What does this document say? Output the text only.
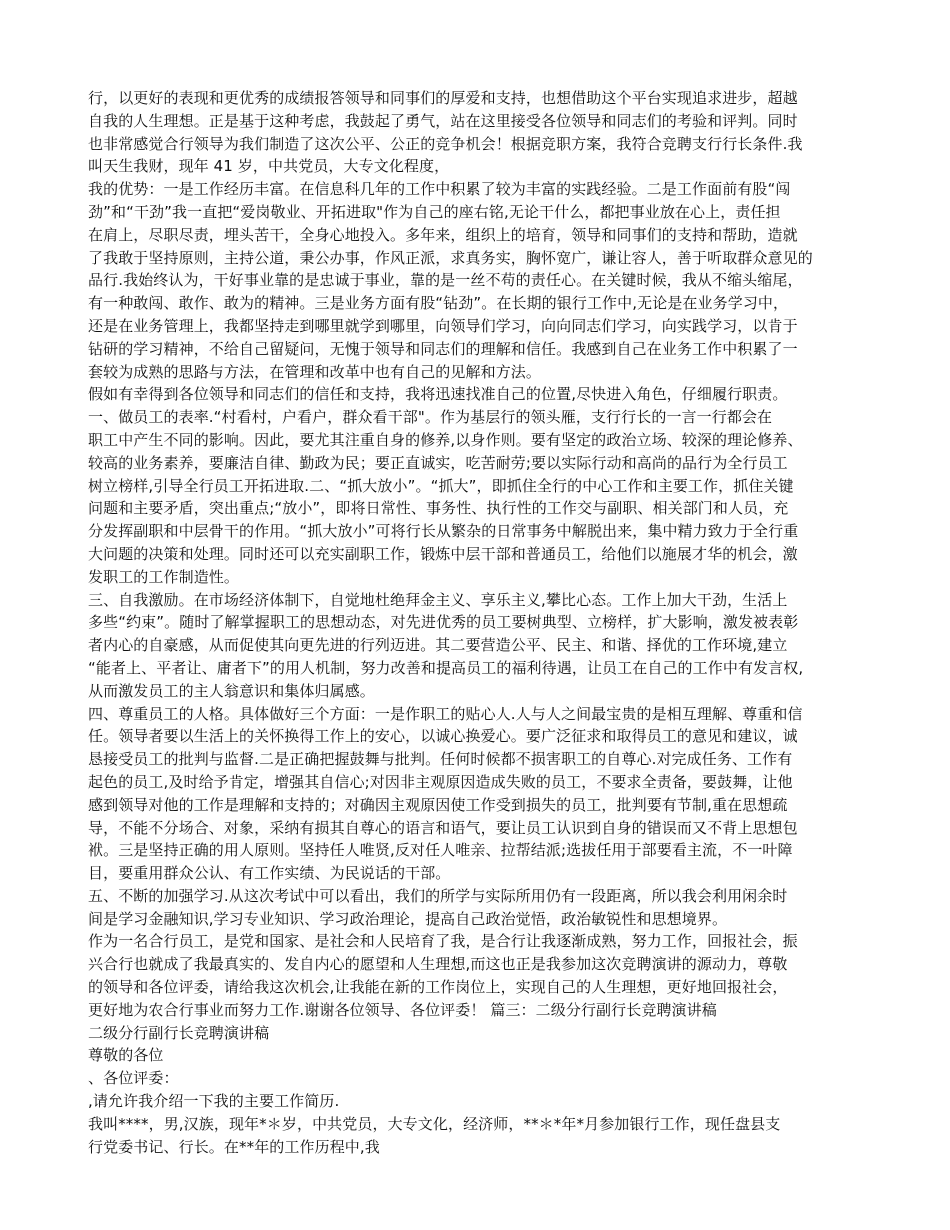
行，以更好的表现和更优秀的成绩报答领导和同事们的厚爱和支持，也想借助这个平台实现追求进步，超越
自我的人生理想。正是基于这种考虑，我鼓起了勇气，站在这里接受各位领导和同志们的考验和评判。同时
也非常感觉合行领导为我们制造了这次公平、公正的竞争机会！根据竞职方案，我符合竞聘支行行长条件.我
叫天生我财，现年 41 岁，中共党员，大专文化程度，
我的优势：一是工作经历丰富。在信息科几年的工作中积累了较为丰富的实践经验。二是工作面前有股“闯
劲”和“干劲”我一直把“爱岗敬业、开拓进取"作为自己的座右铭,无论干什么，都把事业放在心上，责任担
在肩上，尽职尽责，埋头苦干，全身心地投入。多年来，组织上的培育，领导和同事们的支持和帮助，造就
了我敢于坚持原则，主持公道，秉公办事，作风正派，求真务实，胸怀宽广，谦让容人，善于听取群众意见的
品行.我始终认为，干好事业靠的是忠诚于事业，靠的是一丝不苟的责任心。在关键时候，我从不缩头缩尾，
有一种敢闯、敢作、敢为的精神。三是业务方面有股“钻劲”。在长期的银行工作中,无论是在业务学习中，
还是在业务管理上，我都坚持走到哪里就学到哪里，向领导们学习，向向同志们学习，向实践学习，以肯于
钻研的学习精神，不给自己留疑问，无愧于领导和同志们的理解和信任。我感到自己在业务工作中积累了一
套较为成熟的思路与方法，在管理和改革中也有自己的见解和方法。
假如有幸得到各位领导和同志们的信任和支持，我将迅速找准自己的位置,尽快进入角色，仔细履行职责。
一、做员工的表率.“村看村，户看户，群众看干部"。作为基层行的领头雁，支行行长的一言一行都会在
职工中产生不同的影响。因此，要尤其注重自身的修养,以身作则。要有坚定的政治立场、较深的理论修养、
较高的业务素养，要廉洁自律、勤政为民；要正直诚实，吃苦耐劳;要以实际行动和高尚的品行为全行员工
树立榜样,引导全行员工开拓进取.二、“抓大放小”。“抓大”，即抓住全行的中心工作和主要工作，抓住关键
问题和主要矛盾，突出重点;“放小”，即将日常性、事务性、执行性的工作交与副职、相关部门和人员，充
分发挥副职和中层骨干的作用。“抓大放小”可将行长从繁杂的日常事务中解脱出来，集中精力致力于全行重
大问题的决策和处理。同时还可以充实副职工作，锻炼中层干部和普通员工，给他们以施展才华的机会，激
发职工的工作制造性。
三、自我激励。在市场经济体制下，自觉地杜绝拜金主义、享乐主义,攀比心态。工作上加大干劲，生活上
多些“约束”。随时了解掌握职工的思想动态，对先进优秀的员工要树典型、立榜样，扩大影响，激发被表彰
者内心的自豪感，从而促使其向更先进的行列迈进。其二要营造公平、民主、和谐、择优的工作环境,建立
“能者上、平者让、庸者下”的用人机制，努力改善和提高员工的福利待遇，让员工在自己的工作中有发言权,
从而激发员工的主人翁意识和集体归属感。
四、尊重员工的人格。具体做好三个方面：一是作职工的贴心人.人与人之间最宝贵的是相互理解、尊重和信
任。领导者要以生活上的关怀换得工作上的安心，以诚心换爱心。要广泛征求和取得员工的意见和建议，诚
恳接受员工的批判与监督.二是正确把握鼓舞与批判。任何时候都不损害职工的自尊心.对完成任务、工作有
起色的员工,及时给予肯定，增强其自信心;对因非主观原因造成失败的员工，不要求全责备，要鼓舞，让他
感到领导对他的工作是理解和支持的；对确因主观原因使工作受到损失的员工，批判要有节制,重在思想疏
导，不能不分场合、对象，采纳有损其自尊心的语言和语气，要让员工认识到自身的错误而又不背上思想包
袱。三是坚持正确的用人原则。坚持任人唯贤,反对任人唯亲、拉帮结派;选拔任用于部要看主流，不一叶障
目，要重用群众公认、有工作实绩、为民说话的干部。
五、不断的加强学习.从这次考试中可以看出，我们的所学与实际所用仍有一段距离，所以我会利用闲余时
间是学习金融知识,学习专业知识、学习政治理论，提高自己政治觉悟，政治敏锐性和思想境界。
作为一名合行员工，是党和国家、是社会和人民培育了我，是合行让我逐渐成熟，努力工作，回报社会，振
兴合行也就成了我最真实的、发自内心的愿望和人生理想,而这也正是我参加这次竞聘演讲的源动力，尊敬
的领导和各位评委，请给我这次机会,让我能在新的工作岗位上，实现自己的人生理想，更好地回报社会，
更好地为农合行事业而努力工作.谢谢各位领导、各位评委！ 篇三：二级分行副行长竞聘演讲稿
二级分行副行长竞聘演讲稿
尊敬的各位
、各位评委：
,请允许我介绍一下我的主要工作简历.
我叫****，男,汉族，现年*＊岁，中共党员，大专文化，经济师，**＊*年*月参加银行工作，现任盘县支
行党委书记、行长。在**年的工作历程中,我
